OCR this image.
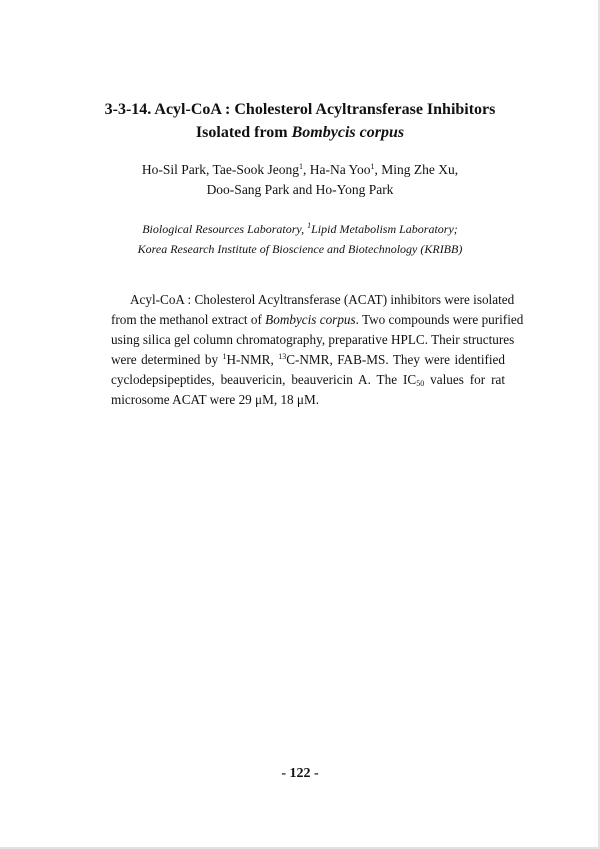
3-3-14. Acyl-CoA : Cholesterol Acyltransferase Inhibitors
Isolated from Bombycis corpus
Ho-Sil Park, Tae-Sook Jeong$^1$, Ha-Na Yoo$^1$, Ming Zhe Xu,
Doo-Sang Park and Ho-Yong Park
Biological Resources Laboratory, $^1$Lipid Metabolism Laboratory;
Korea Research Institute of Bioscience and Biotechnology (KRIBB)
Acyl-CoA : Cholesterol Acyltransferase (ACAT) inhibitors were isolated
from the methanol extract of Bombycis corpus. Two compounds were purified
using silica gel column chromatography, preparative HPLC. Their structures
were determined by $^1$H-NMR, $^{13}$C-NMR, FAB-MS. They were identified
cyclodepsipeptides, beauvericin, beauvericin A. The $IC_{50}$ values for rat
microsome ACAT were 29 μM, 18 μM.
- 122 -
